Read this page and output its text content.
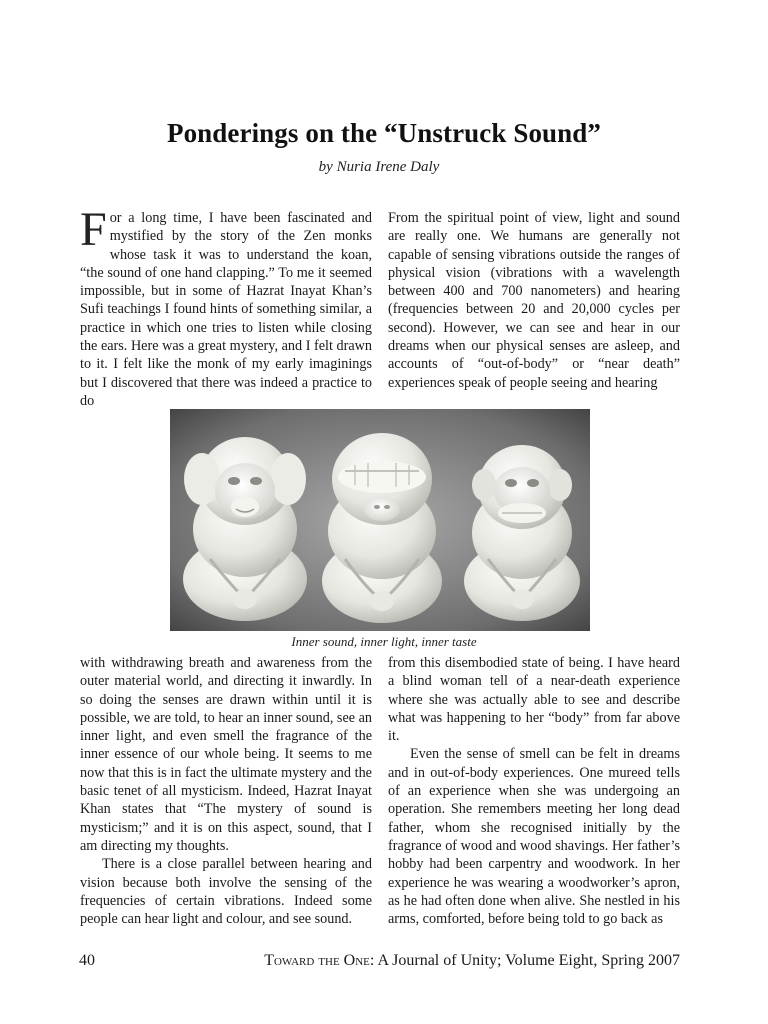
Ponderings on the “Unstruck Sound”
by Nuria Irene Daly

For a long time, I have been fascinated and mystified by the story of the Zen monks whose task it was to understand the koan, “the sound of one hand clapping.” To me it seemed impossible, but in some of Hazrat Inayat Khan’s Sufi teachings I found hints of something similar, a practice in which one tries to listen while closing the ears. Here was a great mystery, and I felt drawn to it. I felt like the monk of my early imaginings but I discovered that there was indeed a practice to do

From the spiritual point of view, light and sound are really one. We humans are generally not capable of sensing vibrations outside the ranges of physical vision (vibrations with a wavelength between 400 and 700 nanometers) and hearing (frequencies between 20 and 20,000 cycles per second). However, we can see and hear in our dreams when our physical senses are asleep, and accounts of “out-of-body” or “near death” experiences speak of people seeing and hearing

Inner sound, inner light, inner taste

with withdrawing breath and awareness from the outer material world, and directing it inwardly. In so doing the senses are drawn within until it is possible, we are told, to hear an inner sound, see an inner light, and even smell the fragrance of the inner essence of our whole being. It seems to me now that this is in fact the ultimate mystery and the basic tenet of all mysticism. Indeed, Hazrat Inayat Khan states that “The mystery of sound is mysticism;” and it is on this aspect, sound, that I am directing my thoughts.

There is a close parallel between hearing and vision because both involve the sensing of the frequencies of certain vibrations. Indeed some people can hear light and colour, and see sound.

from this disembodied state of being. I have heard a blind woman tell of a near-death experience where she was actually able to see and describe what was happening to her “body” from far above it.

Even the sense of smell can be felt in dreams and in out-of-body experiences. One mureed tells of an experience when she was undergoing an operation. She remembers meeting her long dead father, whom she recognised initially by the fragrance of wood and wood shavings. Her father’s hobby had been carpentry and woodwork. In her experience he was wearing a woodworker’s apron, as he had often done when alive. She nestled in his arms, comforted, before being told to go back as

40	Toward the One: A Journal of Unity; Volume Eight, Spring 2007
